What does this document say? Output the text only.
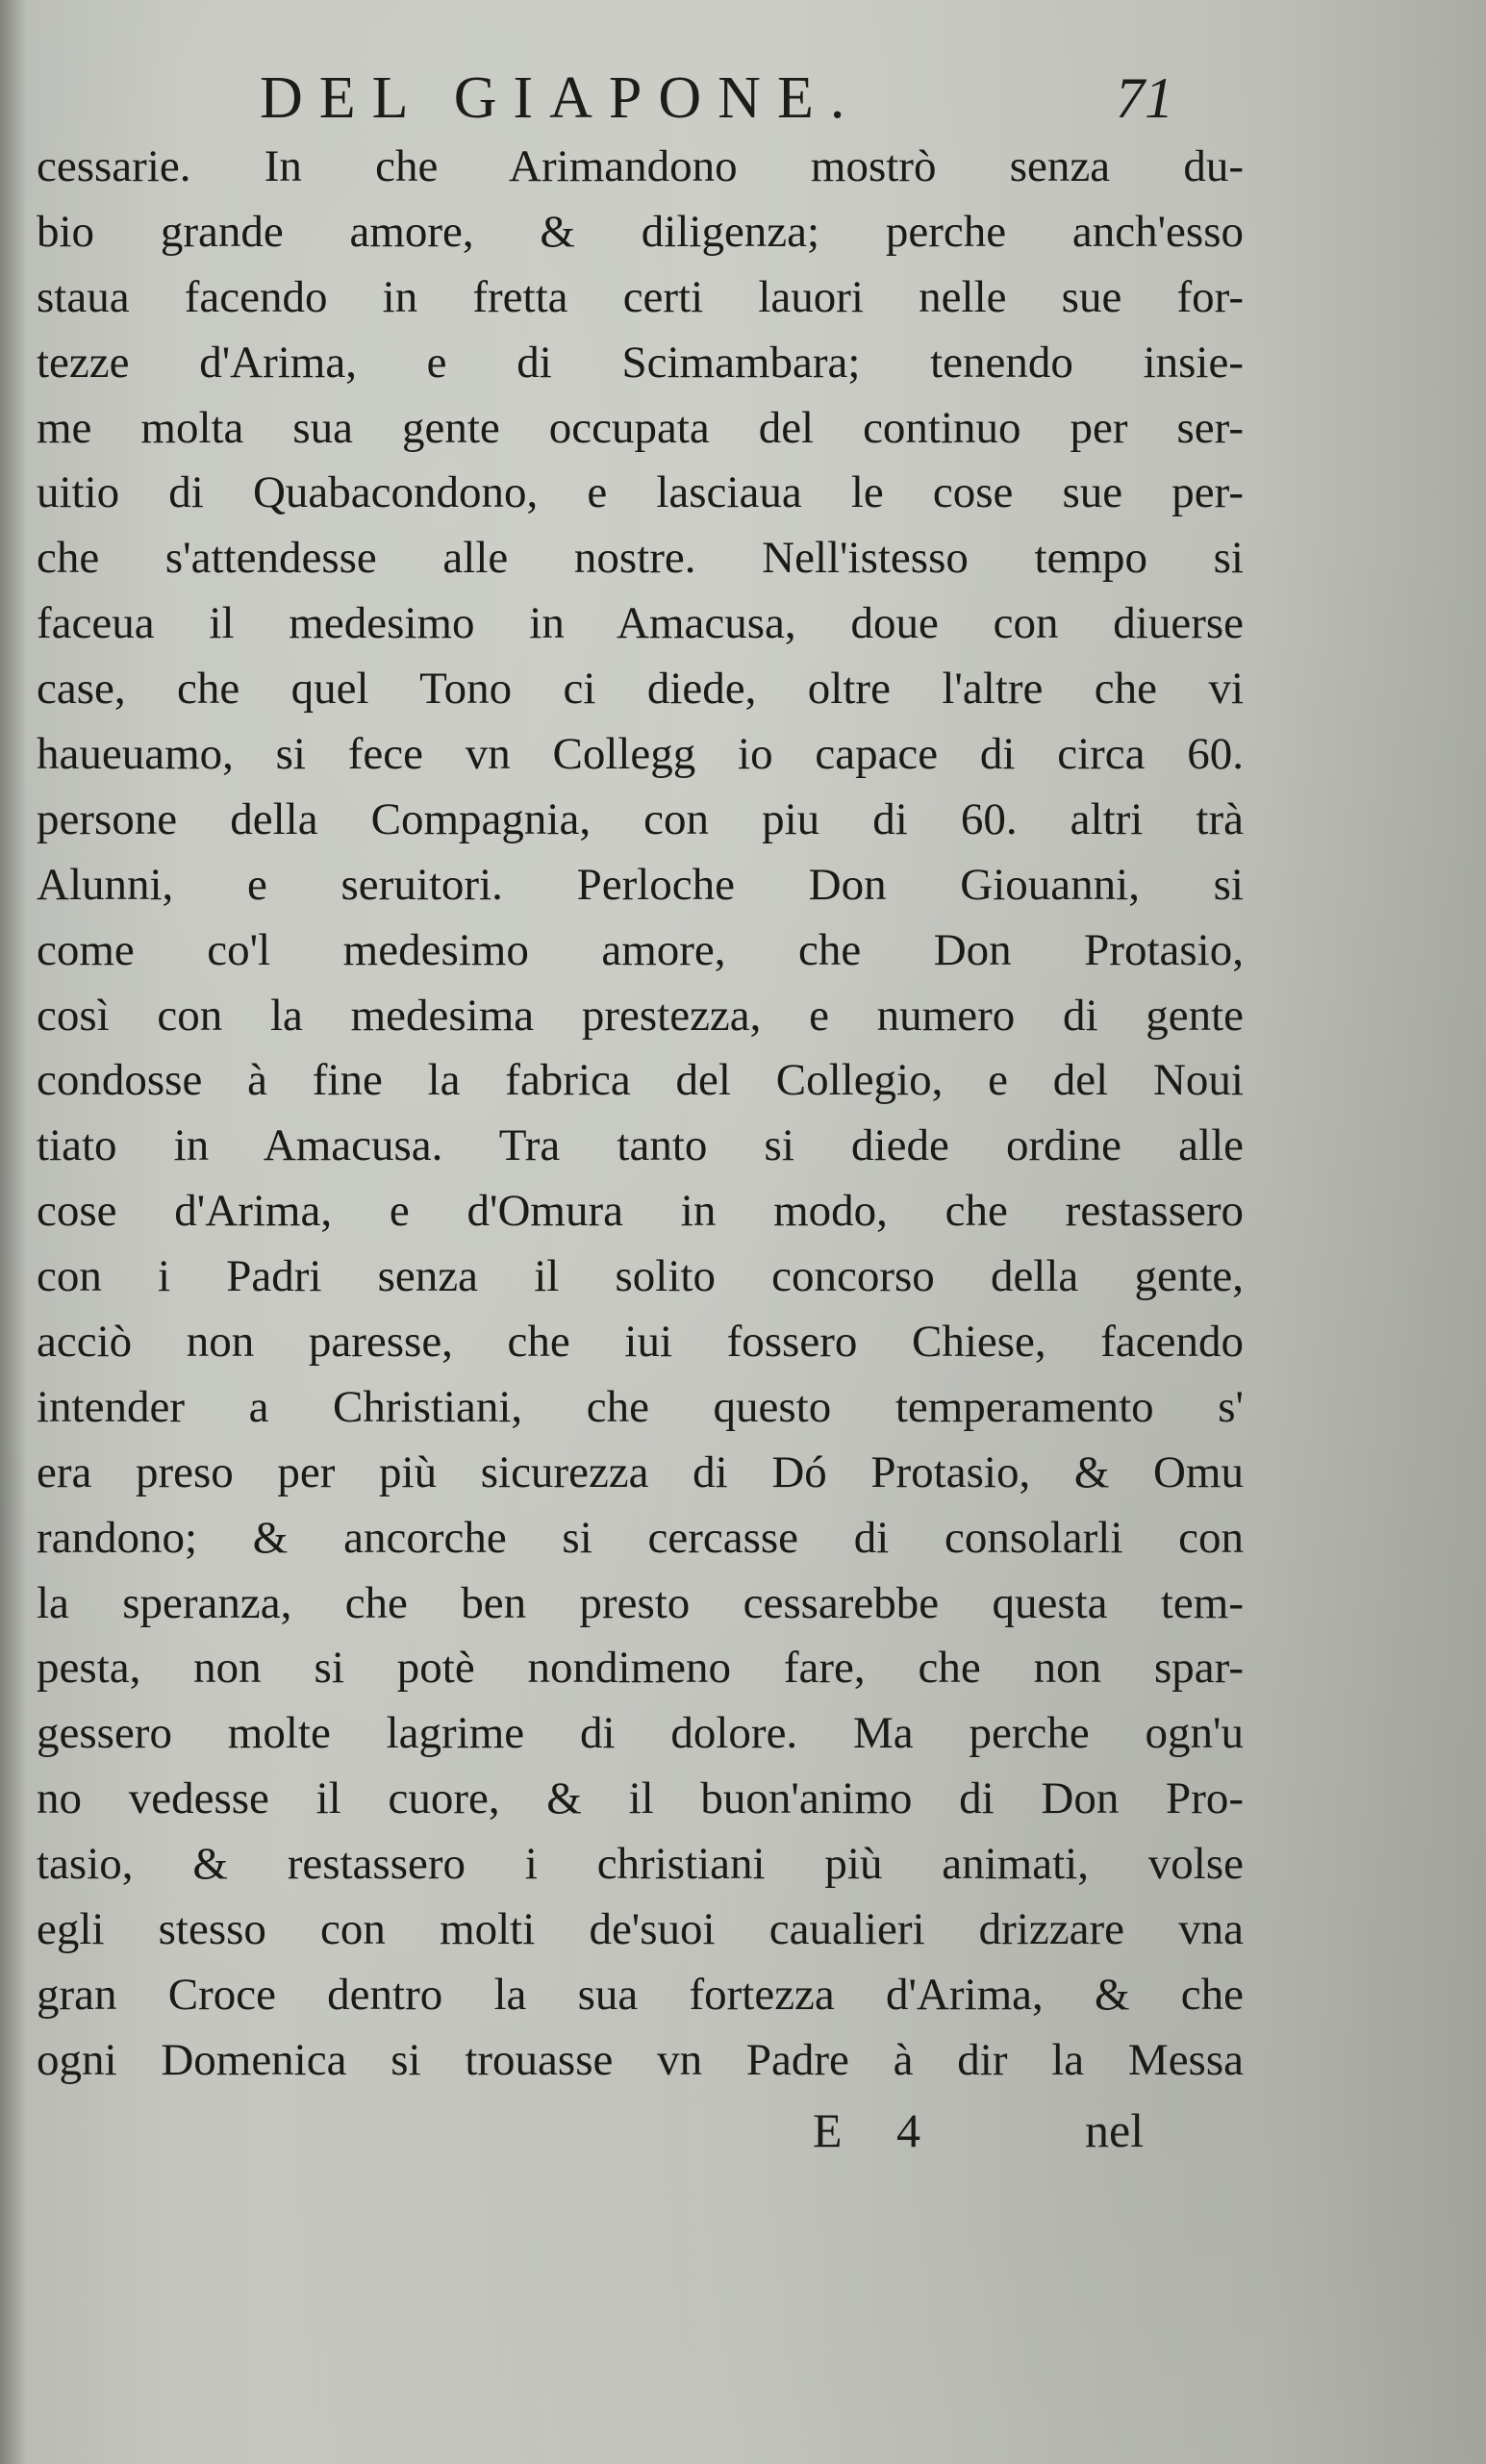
DEL GIAPONE.	71
cessarie. In che Arimandono mostrò senza du-
bio grande amore, & diligenza; perche anch'esso
staua facendo in fretta certi lauori nelle sue for-
tezze d'Arima, e di Scimambara; tenendo insie-
me molta sua gente occupata del continuo per ser-
uitio di Quabacondono, e lasciaua le cose sue per-
che s'attendesse alle nostre. Nell'istesso tempo si
faceua il medesimo in Amacusa, doue con diuerse
case, che quel Tono ci diede, oltre l'altre che vi
haueuamo, si fece vn Collegg io capace di circa 60.
persone della Compagnia, con piu di 60. altri trà
Alunni, e seruitori. Perloche Don Giouanni, si
come co'l medesimo amore, che Don Protasio,
così con la medesima prestezza, e numero di gente
condosse à fine la fabrica del Collegio, e del Noui
tiato in Amacusa. Tra tanto si diede ordine alle
cose d'Arima, e d'Omura in modo, che restassero
con i Padri senza il solito concorso della gente,
acciò non paresse, che iui fossero Chiese, facendo
intender a Christiani, che questo temperamento s'
era preso per più sicurezza di Dó Protasio, & Omu
randono; & ancorche si cercasse di consolarli con
la speranza, che ben presto cessarebbe questa tem-
pesta, non si potè nondimeno fare, che non spar-
gessero molte lagrime di dolore. Ma perche ogn'u
no vedesse il cuore, & il buon'animo di Don Pro-
tasio, & restassero i christiani più animati, volse
egli stesso con molti de'suoi caualieri drizzare vna
gran Croce dentro la sua fortezza d'Arima, & che
ogni Domenica si trouasse vn Padre à dir la Messa
E 4	nel
